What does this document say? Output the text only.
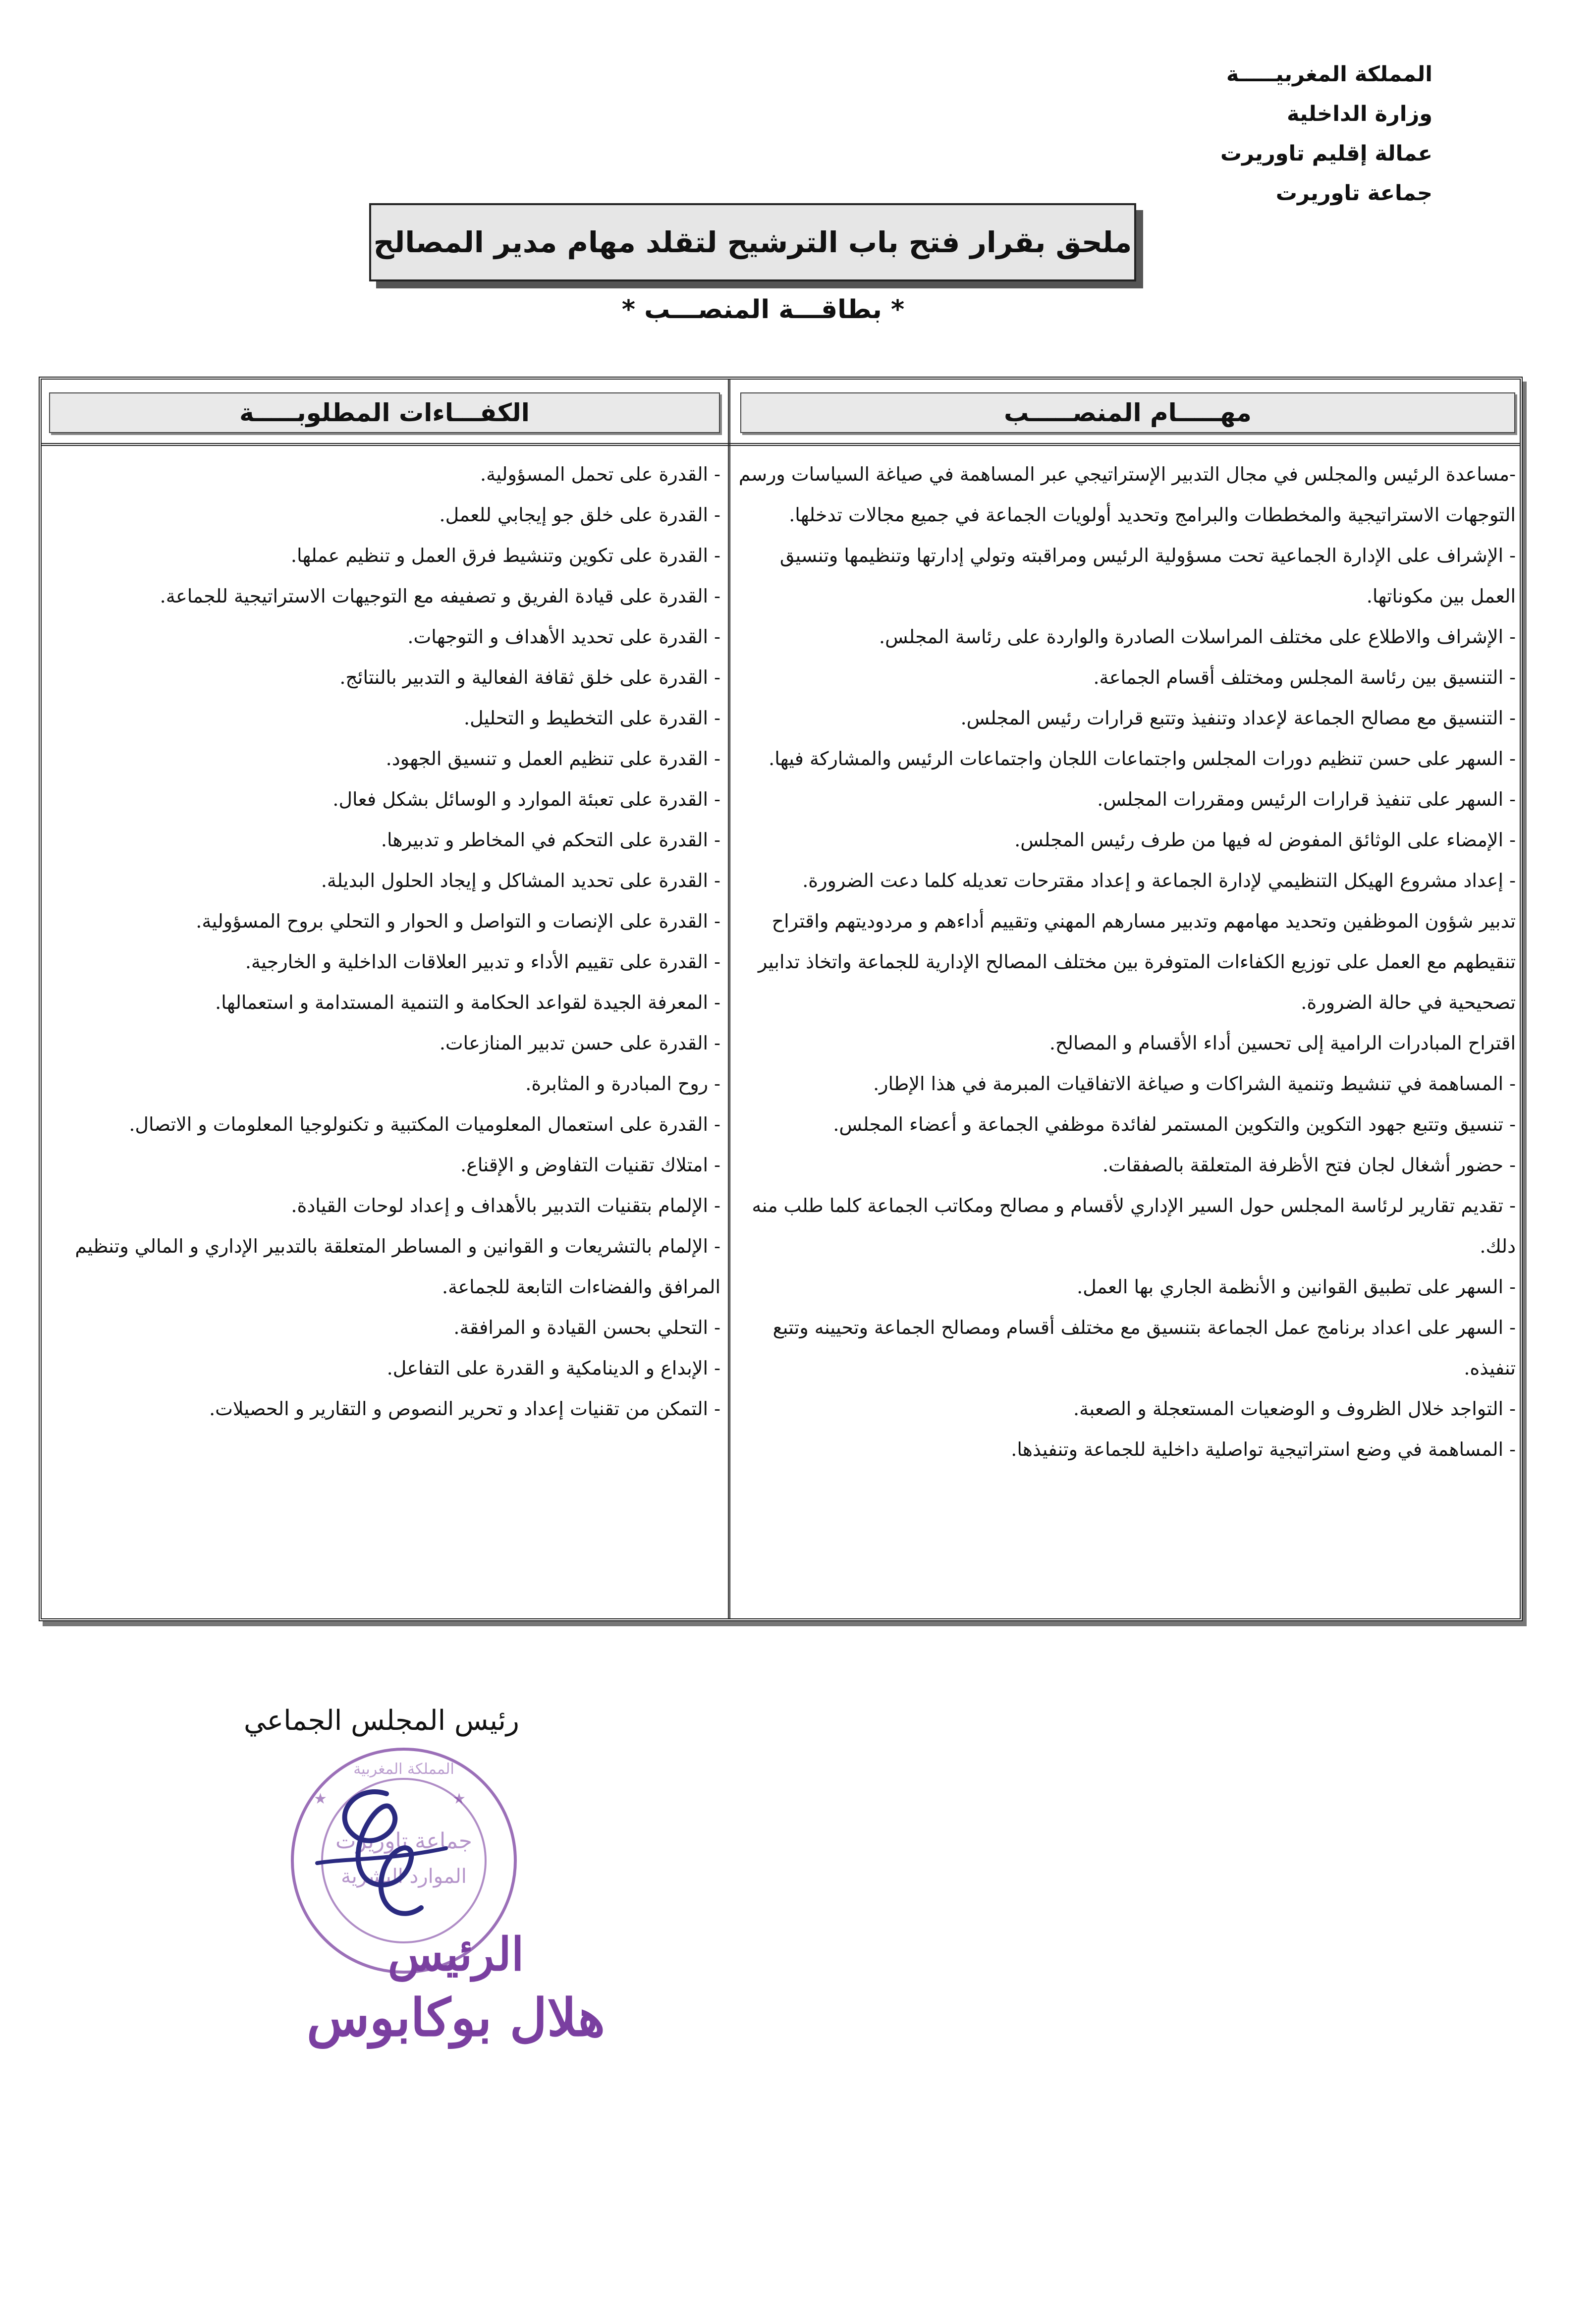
المملكة المغربيـــــة
وزارة الداخلية
عمالة إقليم تاوريرت
جماعة تاوريرت
ملحق بقرار فتح باب الترشيح لتقلد مهام مدير المصالح
* بطاقـــة المنصـــب *
مهـــــام المنصـــــب
الكفـــاءات المطلوبـــــة
-مساعدة الرئيس والمجلس في مجال التدبير الإستراتيجي عبر المساهمة في صياغة السياسات ورسم التوجهات الاستراتيجية والمخططات والبرامج وتحديد أولويات الجماعة في جميع مجالات تدخلها.
- الإشراف على الإدارة الجماعية تحت مسؤولية الرئيس ومراقبته وتولي إدارتها وتنظيمها وتنسيق العمل بين مكوناتها.
- الإشراف والاطلاع على مختلف المراسلات الصادرة والواردة على رئاسة المجلس.
- التنسيق بين رئاسة المجلس ومختلف أقسام الجماعة.
- التنسيق مع مصالح الجماعة لإعداد وتنفيذ وتتبع قرارات رئيس المجلس.
- السهر على حسن تنظيم دورات المجلس واجتماعات اللجان واجتماعات الرئيس والمشاركة فيها.
- السهر على تنفيذ قرارات الرئيس ومقررات المجلس.
- الإمضاء على الوثائق المفوض له فيها من طرف رئيس المجلس.
- إعداد مشروع الهيكل التنظيمي لإدارة الجماعة و إعداد مقترحات تعديله كلما دعت الضرورة.
تدبير شؤون الموظفين وتحديد مهامهم وتدبير مسارهم المهني وتقييم أداءهم و مردوديتهم واقتراح تنقيطهم مع العمل على توزيع الكفاءات المتوفرة بين مختلف المصالح الإدارية للجماعة واتخاذ تدابير تصحيحية في حالة الضرورة.
اقتراح المبادرات الرامية إلى تحسين أداء الأقسام و المصالح.
- المساهمة في تنشيط وتنمية الشراكات و صياغة الاتفاقيات المبرمة في هذا الإطار.
- تنسيق وتتبع جهود التكوين والتكوين المستمر لفائدة موظفي الجماعة و أعضاء المجلس.
- حضور أشغال لجان فتح الأظرفة المتعلقة بالصفقات.
- تقديم تقارير لرئاسة المجلس حول السير الإداري لأقسام و مصالح ومكاتب الجماعة كلما طلب منه دلك.
- السهر على تطبيق القوانين و الأنظمة الجاري بها العمل.
- السهر على اعداد برنامج عمل الجماعة بتنسيق مع مختلف أقسام ومصالح الجماعة وتحيينه وتتبع تنفيذه.
- التواجد خلال الظروف و الوضعيات المستعجلة و الصعبة.
- المساهمة في وضع استراتيجية تواصلية داخلية للجماعة وتنفيذها.
- القدرة على تحمل المسؤولية.
- القدرة على خلق جو إيجابي للعمل.
- القدرة على تكوين وتنشيط فرق العمل و تنظيم عملها.
- القدرة على قيادة الفريق و تصفيفه مع التوجيهات الاستراتيجية للجماعة.
- القدرة على تحديد الأهداف و التوجهات.
- القدرة على خلق ثقافة الفعالية و التدبير بالنتائج.
- القدرة على التخطيط و التحليل.
- القدرة على تنظيم العمل و تنسيق الجهود.
- القدرة على تعبئة الموارد و الوسائل بشكل فعال.
- القدرة على التحكم في المخاطر و تدبيرها.
- القدرة على تحديد المشاكل و إيجاد الحلول البديلة.
- القدرة على الإنصات و التواصل و الحوار و التحلي بروح المسؤولية.
- القدرة على تقييم الأداء و تدبير العلاقات الداخلية و الخارجية.
- المعرفة الجيدة لقواعد الحكامة و التنمية المستدامة و استعمالها.
- القدرة على حسن تدبير المنازعات.
- روح المبادرة و المثابرة.
- القدرة على استعمال المعلوميات المكتبية و تكنولوجيا المعلومات و الاتصال.
- امتلاك تقنيات التفاوض و الإقناع.
- الإلمام بتقنيات التدبير بالأهداف و إعداد لوحات القيادة.
- الإلمام بالتشريعات و القوانين و المساطر المتعلقة بالتدبير الإداري و المالي وتنظيم المرافق والفضاءات التابعة للجماعة.
- التحلي بحسن القيادة و المرافقة.
- الإبداع و الدينامكية و القدرة على التفاعل.
- التمكن من تقنيات إعداد و تحرير النصوص و التقارير و الحصيلات.
رئيس المجلس الجماعي
جماعة تاوريرت
الموارد البشرية
المملكة المغربية
★	★
الرئيس
هلال بوكابوس
